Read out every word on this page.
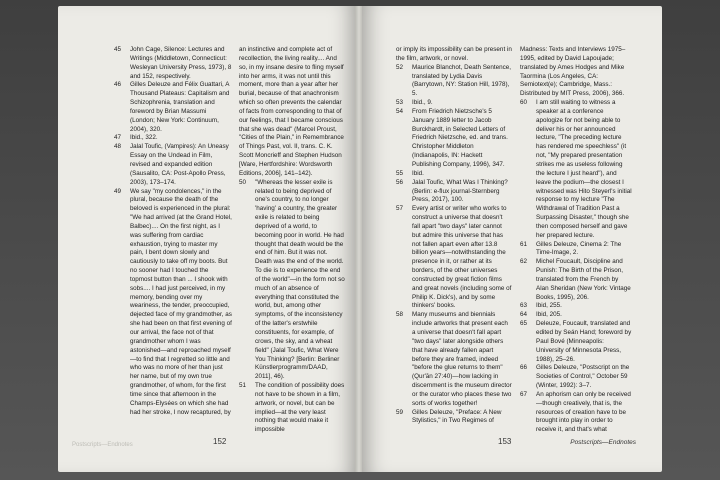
45	John Cage, Silence: Lectures and Writings (Middletown, Connecticut: Wesleyan University Press, 1973), 8 and 152, respectively.

46	Gilles Deleuze and Félix Guattari, A Thousand Plateaus: Capitalism and Schizophrenia, translation and foreword by Brian Massumi (London; New York: Continuum, 2004), 320.

47	Ibid., 322.

48	Jalal Toufic, (Vampires): An Uneasy Essay on the Undead in Film, revised and expanded edition (Sausalito, CA: Post-Apollo Press, 2003), 173–174.

49	We say "my condolences," in the plural, because the death of the beloved is experienced in the plural: "We had arrived (at the Grand Hotel, Balbec).... On the first night, as I was suffering from cardiac exhaustion, trying to master my pain, I bent down slowly and cautiously to take off my boots. But no sooner had I touched the topmost button than ... I shook with sobs.... I had just perceived, in my memory, bending over my weariness, the tender, preoccupied, dejected face of my grandmother, as she had been on that first evening of our arrival, the face not of that grandmother whom I was astonished—and reproached myself—to find that I regretted so little and who was no more of her than just her name, but of my own true grandmother, of whom, for the first time since that afternoon in the Champs-Elysées on which she had had her stroke, I now recaptured, by

an instinctive and complete act of recollection, the living reality.... And so, in my insane desire to fling myself into her arms, it was not until this moment, more than a year after her burial, because of that anachronism which so often prevents the calendar of facts from corresponding to that of our feelings, that I became conscious that she was dead" (Marcel Proust, "Cities of the Plain," in Remembrance of Things Past, vol. II, trans. C. K. Scott Moncrieff and Stephen Hudson [Ware, Hertfordshire: Wordsworth Editions, 2006], 141–142).

50	"Whereas the lesser exile is related to being deprived of one's country, to no longer 'having' a country, the greater exile is related to being deprived of a world, to becoming poor in world. He had thought that death would be the end of him. But it was not. Death was the end of the world. To die is to experience the end of the world"—in the form not so much of an absence of everything that constituted the world, but, among other symptoms, of the inconsistency of the latter's erstwhile constituents, for example, of crows, the sky, and a wheat field" (Jalal Toufic, What Were You Thinking? [Berlin: Berliner Künstlerprogramm/DAAD, 2011], 46).

51	The condition of possibility does not have to be shown in a film, artwork, or novel, but can be implied—at the very least nothing that would make it impossible

Postscripts—Endnotes	152

or imply its impossibility can be present in the film, artwork, or novel.

52	Maurice Blanchot, Death Sentence, translated by Lydia Davis (Barrytown, NY: Station Hill, 1978), 5.

53	Ibid., 9.

54	From Friedrich Nietzsche's 5 January 1889 letter to Jacob Burckhardt, in Selected Letters of Friedrich Nietzsche, ed. and trans. Christopher Middleton (Indianapolis, IN: Hackett Publishing Company, 1996), 347.

55	Ibid.

56	Jalal Toufic, What Was I Thinking? (Berlin: e-flux journal-Sternberg Press, 2017), 100.

57	Every artist or writer who works to construct a universe that doesn't fall apart "two days" later cannot but admire this universe that has not fallen apart even after 13.8 billion years—notwithstanding the presence in it, or rather at its borders, of the other universes constructed by great fiction films and great novels (including some of Philip K. Dick's), and by some thinkers' books.

58	Many museums and biennials include artworks that present each a universe that doesn't fall apart "two days" later alongside others that have already fallen apart before they are framed, indeed "before the glue returns to them" (Qur'ān 27:40)—how lacking in discernment is the museum director or the curator who places these two sorts of works together!

59	Gilles Deleuze, "Preface: A New Stylistics," in Two Regimes of

Madness: Texts and Interviews 1975–1995, edited by David Lapoujade; translated by Ames Hodges and Mike Taormina (Los Angeles, CA: Semiotext(e); Cambridge, Mass.: Distributed by MIT Press, 2006), 366.

60	I am still waiting to witness a speaker at a conference apologize for not being able to deliver his or her announced lecture, "The preceding lecture has rendered me speechless" (it not, "My prepared presentation strikes me as useless following the lecture I just heard"), and leave the podium—the closest I witnessed was Hito Steyerl's initial response to my lecture "The Withdrawal of Tradition Past a Surpassing Disaster," though she then composed herself and gave her prepared lecture.

61	Gilles Deleuze, Cinema 2: The Time-Image, 2.

62	Michel Foucault, Discipline and Punish: The Birth of the Prison, translated from the French by Alan Sheridan (New York: Vintage Books, 1995), 206.

63	Ibid, 255.

64	Ibid, 205.

65	Deleuze, Foucault, translated and edited by Seán Hand; foreword by Paul Bové (Minneapolis: University of Minnesota Press, 1988), 25–26.

66	Gilles Deleuze, "Postscript on the Societies of Control," October 59 (Winter, 1992): 3–7.

67	An aphorism can only be received—though creatively, that is, the resources of creation have to be brought into play in order to receive it, and that's what

153	Postscripts—Endnotes
